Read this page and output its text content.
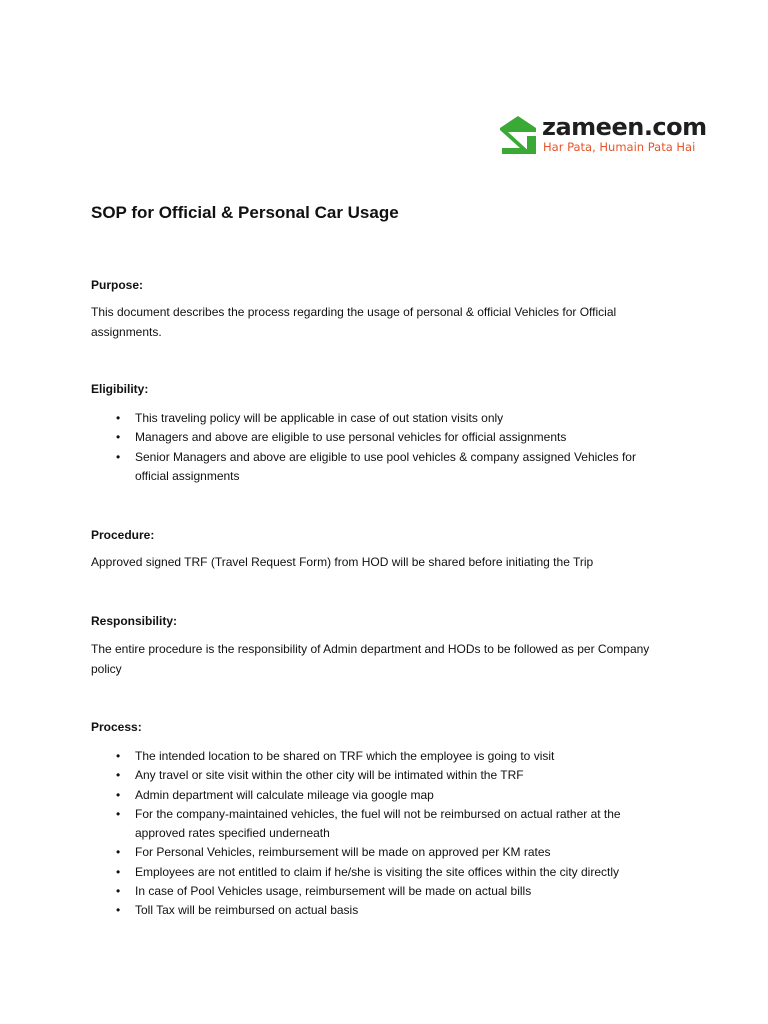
zameen.com
Har Pata, Humain Pata Hai
SOP for Official & Personal Car Usage
Purpose:
This document describes the process regarding the usage of personal & official Vehicles for Official assignments.
Eligibility:
• This traveling policy will be applicable in case of out station visits only
• Managers and above are eligible to use personal vehicles for official assignments
• Senior Managers and above are eligible to use pool vehicles & company assigned Vehicles for official assignments
Procedure:
Approved signed TRF (Travel Request Form) from HOD will be shared before initiating the Trip
Responsibility:
The entire procedure is the responsibility of Admin department and HODs to be followed as per Company policy
Process:
• The intended location to be shared on TRF which the employee is going to visit
• Any travel or site visit within the other city will be intimated within the TRF
• Admin department will calculate mileage via google map
• For the company-maintained vehicles, the fuel will not be reimbursed on actual rather at the approved rates specified underneath
• For Personal Vehicles, reimbursement will be made on approved per KM rates
• Employees are not entitled to claim if he/she is visiting the site offices within the city directly
• In case of Pool Vehicles usage, reimbursement will be made on actual bills
• Toll Tax will be reimbursed on actual basis
